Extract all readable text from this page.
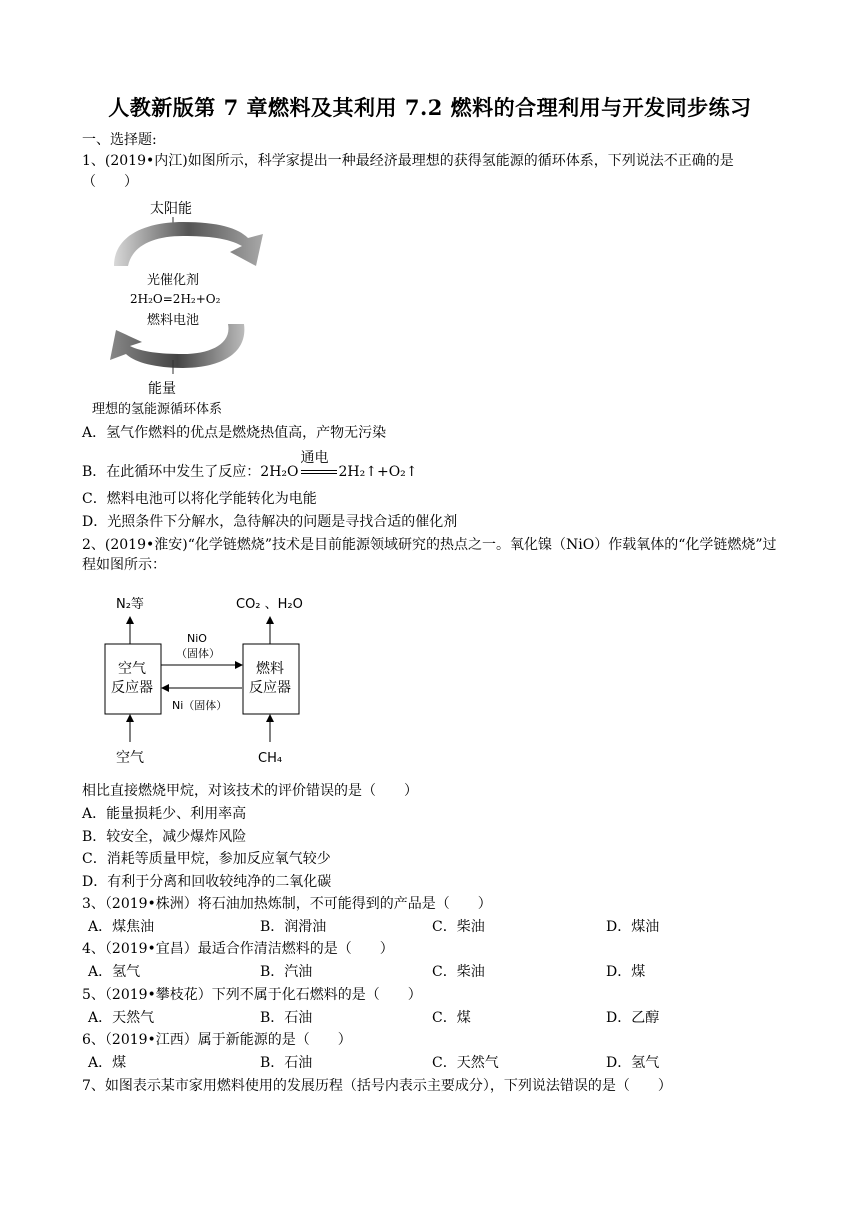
人教新版第 7 章燃料及其利用 7.2 燃料的合理利用与开发同步练习
一、选择题:
1、(2019•内江)如图所示，科学家提出一种最经济最理想的获得氢能源的循环体系，下列说法不正确的是
（　　）
太阳能
光催化剂
2H₂O=2H₂+O₂
燃料电池
能量
理想的氢能源循环体系
A．氢气作燃料的优点是燃烧热值高，产物无污染
B．在此循环中发生了反应：2H₂O
通电
2H₂↑+O₂↑
C．燃料电池可以将化学能转化为电能
D．光照条件下分解水，急待解决的问题是寻找合适的催化剂
2、(2019•淮安)“化学链燃烧”技术是目前能源领域研究的热点之一。氧化镍（NiO）作载氧体的“化学链燃烧”过程如图所示：
N₂等	CO₂ 、H₂O
空气
反应器
燃料
反应器
NiO
（固体）
Ni（固体）
空气	CH₄
相比直接燃烧甲烷，对该技术的评价错误的是（　　）
A．能量损耗少、利用率高
B．较安全，减少爆炸风险
C．消耗等质量甲烷，参加反应氧气较少
D．有利于分离和回收较纯净的二氧化碳
3、（2019•株洲）将石油加热炼制，不可能得到的产品是（　　）
A．煤焦油	B．润滑油	C．柴油	D．煤油
4、（2019•宜昌）最适合作清洁燃料的是（　　）
A．氢气	B．汽油	C．柴油	D．煤
5、（2019•攀枝花）下列不属于化石燃料的是（　　）
A．天然气	B．石油	C．煤	D．乙醇
6、（2019•江西）属于新能源的是（　　）
A．煤	B．石油	C．天然气	D．氢气
7、如图表示某市家用燃料使用的发展历程（括号内表示主要成分），下列说法错误的是（　　）
